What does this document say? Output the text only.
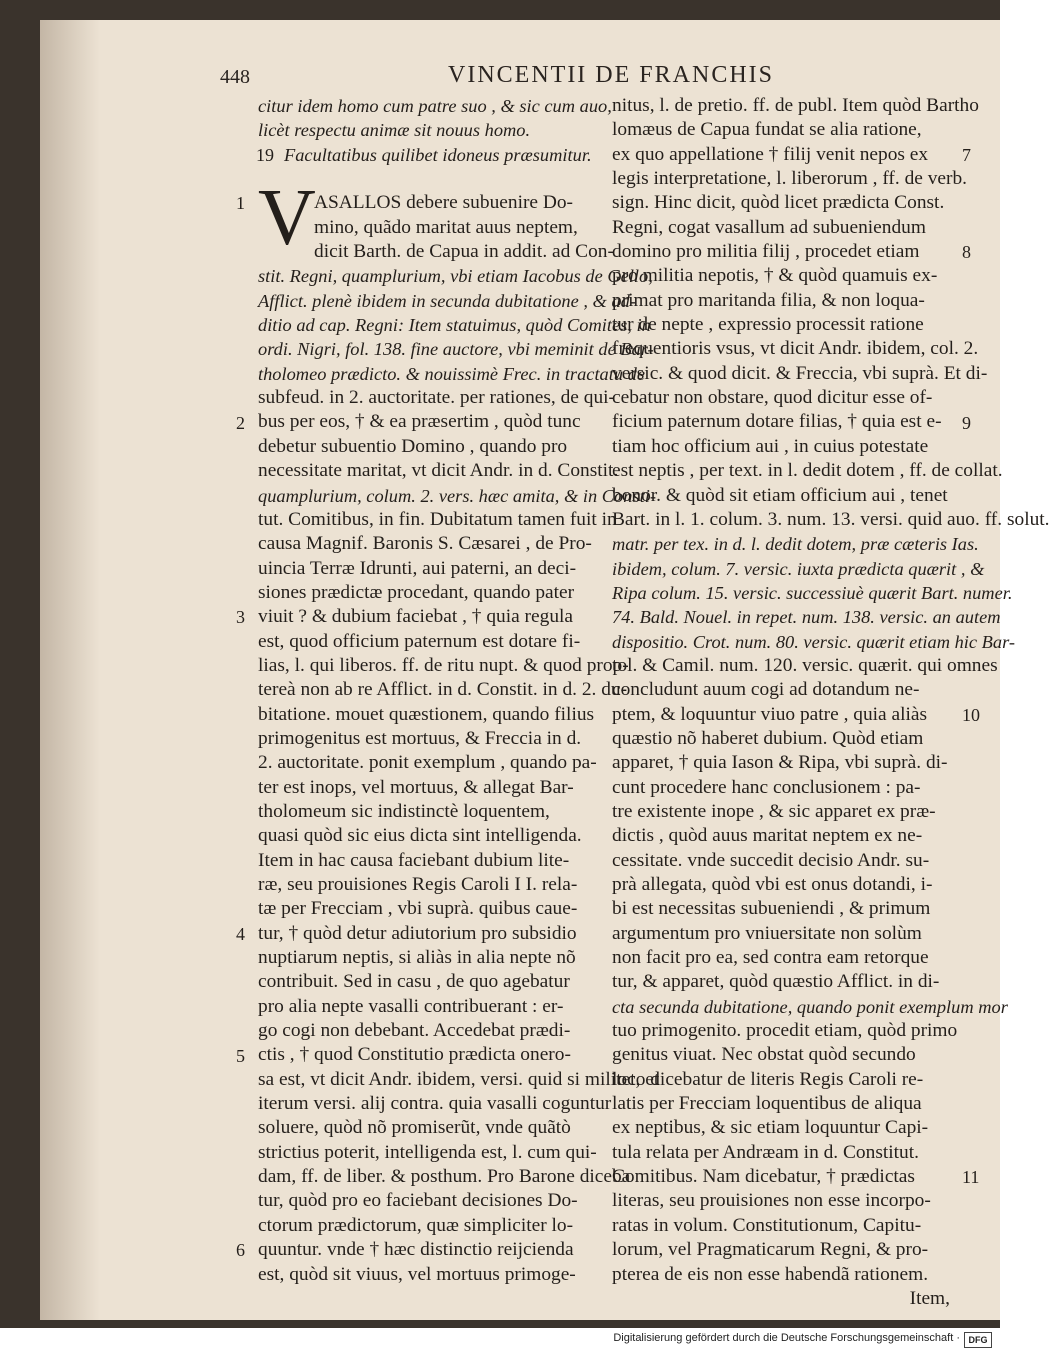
448	VINCENTII DE FRANCHIS
V
citur idem homo cum patre suo , & sic cum auo,
licèt respectu animæ sit nouus homo.
Facultatibus quilibet idoneus præsumitur.
ASALLOS debere subuenire Do-
mino, quãdo maritat auus neptem,
dicit Barth. de Capua in addit. ad Con-
stit. Regni, quamplurium, vbi etiam Iacobus de Gello,
Afflict. plenè ibidem in secunda dubitatione , & ad-
ditio ad cap. Regni: Item statuimus, quòd Comites, in
ordi. Nigri, fol. 138. fine auctore, vbi meminit de Bar-
tholomeo prædicto. & nouissimè Frec. in tractatu de
subfeud. in 2. auctoritate. per rationes, de qui-
bus per eos, † & ea præsertim , quòd tunc
debetur subuentio Domino , quando pro
necessitate maritat, vt dicit Andr. in d. Constit.
quamplurium, colum. 2. vers. hæc amita, & in Consti-
tut. Comitibus, in fin. Dubitatum tamen fuit in
causa Magnif. Baronis S. Cæsarei , de Pro-
uincia Terræ Idrunti, aui paterni, an deci-
siones prædictæ procedant, quando pater
viuit ? & dubium faciebat , † quia regula
est, quod officium paternum est dotare fi-
lias, l. qui liberos. ff. de ritu nupt. & quod prop-
tereà non ab re Afflict. in d. Constit. in d. 2. du-
bitatione. mouet quæstionem, quando filius
primogenitus est mortuus, & Freccia in d.
2. auctoritate. ponit exemplum , quando pa-
ter est inops, vel mortuus, & allegat Bar-
tholomeum sic indistinctè loquentem,
quasi quòd sic eius dicta sint intelligenda.
Item in hac causa faciebant dubium lite-
ræ, seu prouisiones Regis Caroli I I. rela-
tæ per Frecciam , vbi suprà. quibus caue-
tur, † quòd detur adiutorium pro subsidio
nuptiarum neptis, si aliàs in alia nepte nõ
contribuit. Sed in casu , de quo agebatur
pro alia nepte vasalli contribuerant : er-
go cogi non debebant. Accedebat prædi-
ctis , † quod Constitutio prædicta onero-
sa est, vt dicit Andr. ibidem, versi. quid si militet, et
iterum versi. alij contra. quia vasalli coguntur
soluere, quòd nõ promiserũt, vnde quãtò
strictius poterit, intelligenda est, l. cum qui-
dam, ff. de liber. & posthum. Pro Barone diceba
tur, quòd pro eo faciebant decisiones Do-
ctorum prædictorum, quæ simpliciter lo-
quuntur. vnde † hæc distinctio reijcienda
est, quòd sit viuus, vel mortuus primoge-
nitus, l. de pretio. ff. de publ. Item quòd Bartho
lomæus de Capua fundat se alia ratione,
ex quo appellatione † filij venit nepos ex
legis interpretatione, l. liberorum , ff. de verb.
sign. Hinc dicit, quòd licet prædicta Const.
Regni, cogat vasallum ad subueniendum
domino pro militia filij , procedet etiam
pro militia nepotis, † & quòd quamuis ex-
primat pro maritanda filia, & non loqua-
tur de nepte , expressio processit ratione
frequentioris vsus, vt dicit Andr. ibidem, col. 2.
versic. & quod dicit. & Freccia, vbi suprà. Et di-
cebatur non obstare, quod dicitur esse of-
ficium paternum dotare filias, † quia est e-
tiam hoc officium aui , in cuius potestate
est neptis , per text. in l. dedit dotem , ff. de collat.
bonor. & quòd sit etiam officium aui , tenet
Bart. in l. 1. colum. 3. num. 13. versi. quid auo. ff. solut.
matr. per tex. in d. l. dedit dotem, præ cæteris Ias.
ibidem, colum. 7. versic. iuxta prædicta quærit , &
Ripa colum. 15. versic. successiuè quærit Bart. numer.
74. Bald. Nouel. in repet. num. 138. versic. an autem
dispositio. Crot. num. 80. versic. quærit etiam hic Bar-
tol. & Camil. num. 120. versic. quærit. qui omnes
concludunt auum cogi ad dotandum ne-
ptem, & loquuntur viuo patre , quia aliàs
quæstio nõ haberet dubium. Quòd etiam
apparet, † quia Iason & Ripa, vbi suprà. di-
cunt procedere hanc conclusionem : pa-
tre existente inope , & sic apparet ex præ-
dictis , quòd auus maritat neptem ex ne-
cessitate. vnde succedit decisio Andr. su-
prà allegata, quòd vbi est onus dotandi, i-
bi est necessitas subueniendi , & primum
argumentum pro vniuersitate non solùm
non facit pro ea, sed contra eam retorque
tur, & apparet, quòd quæstio Afflict. in di-
cta secunda dubitatione, quando ponit exemplum mor
tuo primogenito. procedit etiam, quòd primo
genitus viuat. Nec obstat quòd secundo
loco dicebatur de literis Regis Caroli re-
latis per Frecciam loquentibus de aliqua
ex neptibus, & sic etiam loquuntur Capi-
tula relata per Andræam in d. Constitut.
Comitibus. Nam dicebatur, † prædictas
literas, seu prouisiones non esse incorpo-
ratas in volum. Constitutionum, Capitu-
lorum, vel Pragmaticarum Regni, & pro-
pterea de eis non esse habendã rationem.
Item,
19
1
2
3
4
5
6
7
8
9
10
11
Digitalisierung gefördert durch die Deutsche Forschungsgemeinschaft · DFG
